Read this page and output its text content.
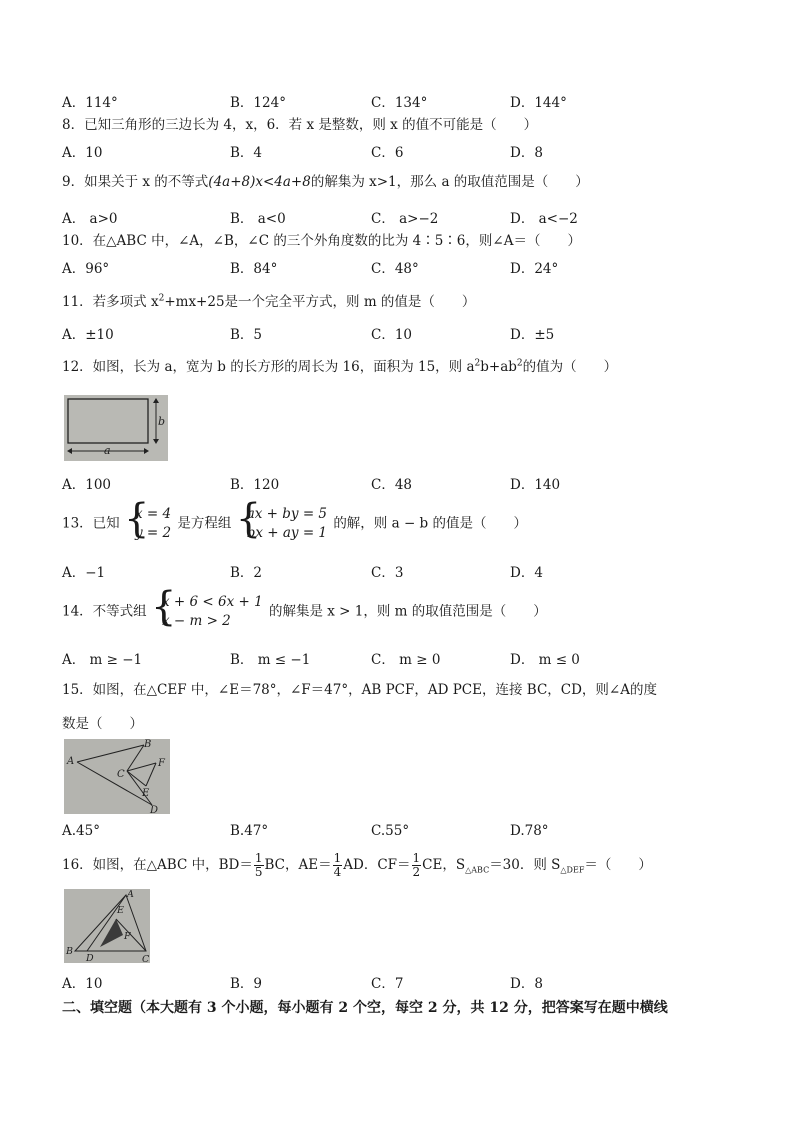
A．114°	B．124°	C．134°	D．144°
8．已知三角形的三边长为 4，x，6．若 x 是整数，则 x 的值不可能是（　　）
A．10	B．4	C．6	D．8
9．如果关于 x 的不等式(4a+8)x<4a+8的解集为 x>1，那么 a 的取值范围是（　　）
A． a>0	B． a<0	C． a>−2	D． a<−2
10．在△ABC 中，∠A，∠B，∠C 的三个外角度数的比为 4∶5∶6，则∠A＝（　　）
A．96°	B．84°	C．48°	D．24°
11．若多项式 $x^2+mx+25$是一个完全平方式，则 m 的值是（　　）
A．±10	B．5	C．10	D．±5
12．如图，长为 a，宽为 b 的长方形的周长为 16，面积为 15，则 $a^2b+ab^2$的值为（　　）
b
a
A．100	B．120	C．48	D．140
13．已知
{ x = 4
y = 2
是方程组
{ ax + by = 5
bx + ay = 1
的解，则 a − b 的值是（　　）
A．−1	B．2	C．3	D．4
14．不等式组
{ x + 6 < 6x + 1
x − m > 2
的解集是 x > 1，则 m 的取值范围是（　　）
A． m ≥ −1	B． m ≤ −1	C． m ≥ 0	D． m ≤ 0
15．如图，在△CEF 中，∠E＝78°，∠F＝47°，AB PCF，AD PCE，连接 BC，CD，则∠A的度
数是（　　）
A
B
C
D
E
F
A.45°	B.47°	C.55°	D.78°
16．如图，在△ABC 中，$BD= \frac{1}{5}$ BC，$AE= \frac{1}{4}$ AD．$CF= \frac{1}{2}$ CE，$S_{\triangle ABC}=30$．则 $S_{\triangle DEF}=$（　　）
A
B
C
D
E
F
A．10	B．9	C．7	D．8
二、填空题（本大题有 3 个小题，每小题有 2 个空，每空 2 分，共 12 分，把答案写在题中横线
